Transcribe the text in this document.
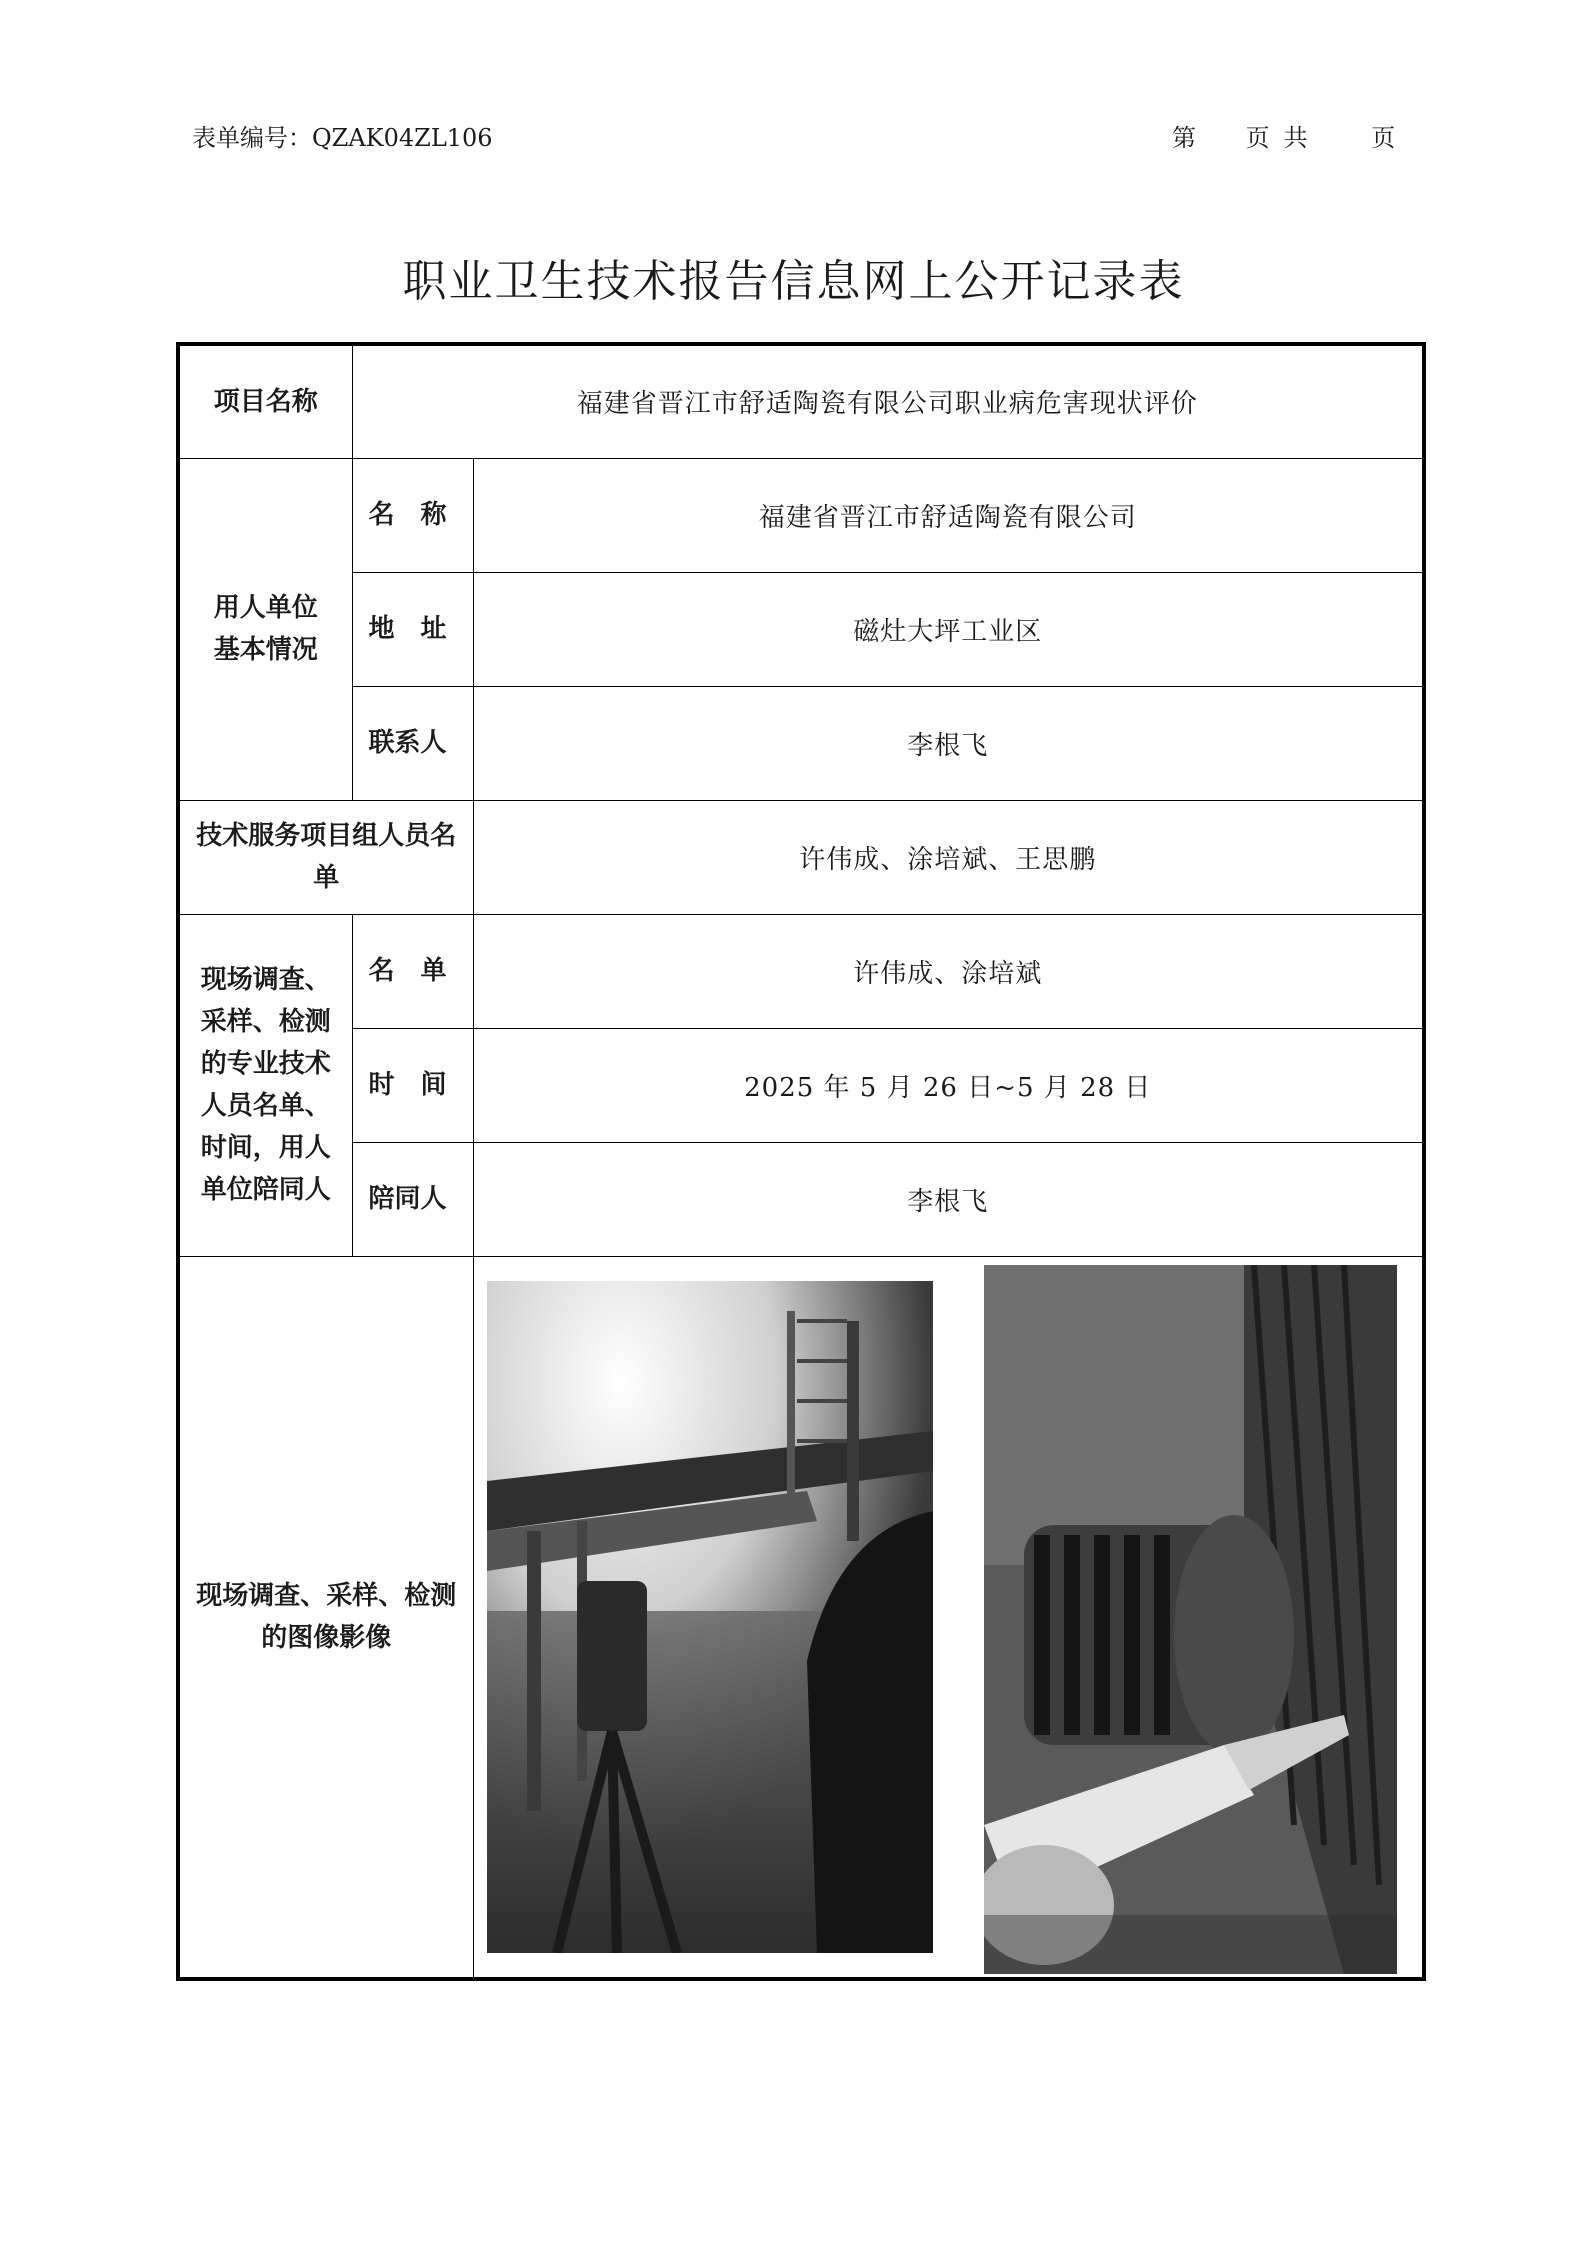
表单编号：QZAK04ZL106	第 页共 页
职业卫生技术报告信息网上公开记录表
项目名称	福建省晋江市舒适陶瓷有限公司职业病危害现状评价	

用人单位基本情况	名　称	福建省晋江市舒适陶瓷有限公司
	地　址	磁灶大坪工业区
	联系人	李根飞

技术服务项目组人员名单		许伟成、涂培斌、王思鹏

现场调查、采样、检测的专业技术人员名单、时间，用人单位陪同人	名　单	许伟成、涂培斌
	时　间	2025 年 5 月 26 日~5 月 28 日
	陪同人	李根飞

现场调查、采样、检测的图像影像
